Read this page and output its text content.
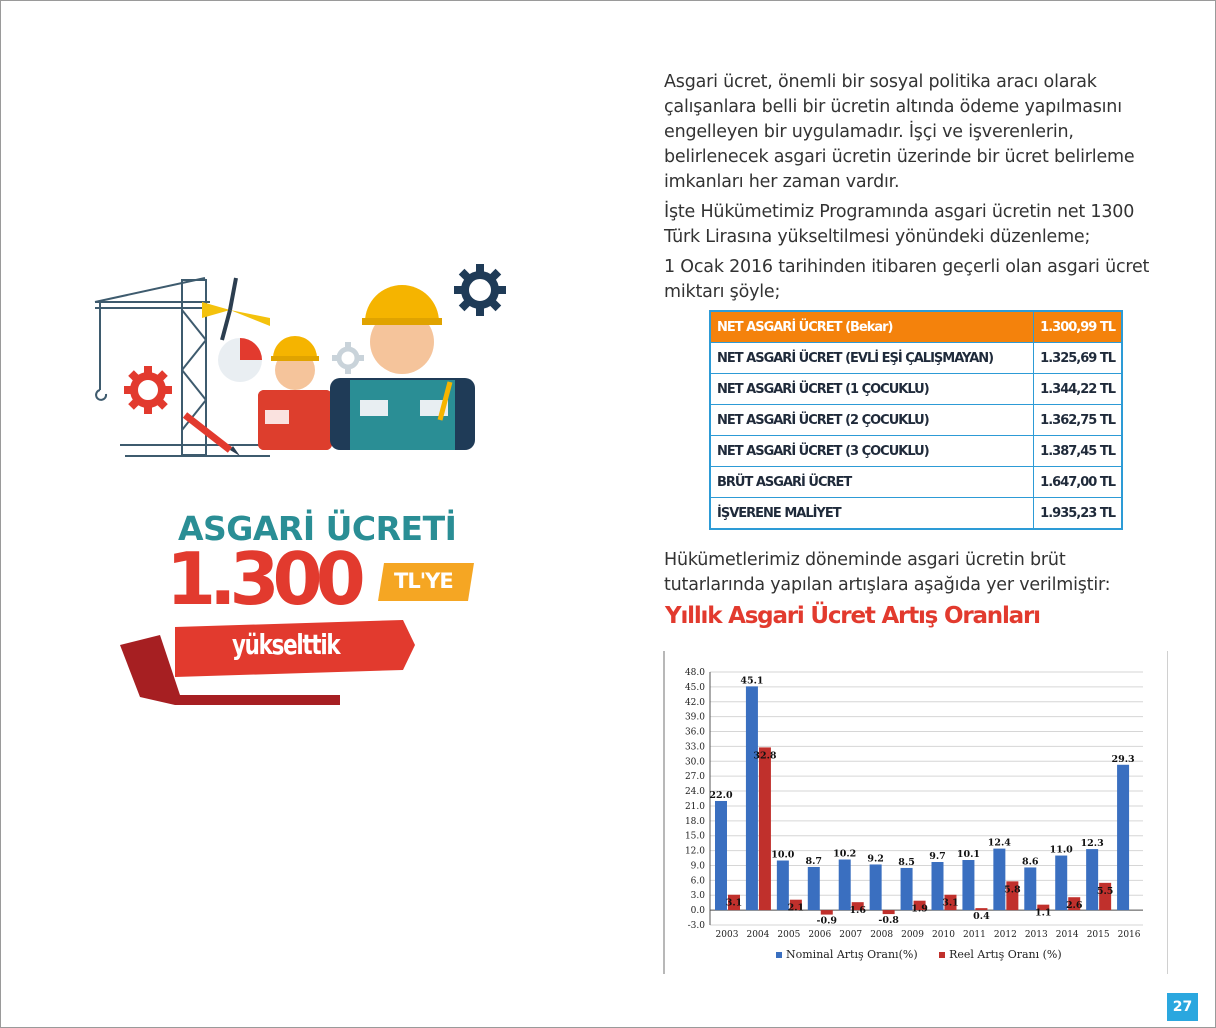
ASGARİ ÜCRETİ
1.300 TL'YE
yükselttik

Asgari ücret, önemli bir sosyal politika aracı olarak çalışanlara belli bir ücretin altında ödeme yapılmasını engelleyen bir uygulamadır. İşçi ve işverenlerin, belirlenecek asgari ücretin üzerinde bir ücret belirleme imkanları her zaman vardır.

İşte Hükümetimiz Programında asgari ücretin net 1300 Türk Lirasına yükseltilmesi yönündeki düzenleme;

1 Ocak 2016 tarihinden itibaren geçerli olan asgari ücret miktarı şöyle;

NET ASGARİ ÜCRET (Bekar)	1.300,99 TL
NET ASGARİ ÜCRET (EVLİ EŞİ ÇALIŞMAYAN)	1.325,69 TL
NET ASGARİ ÜCRET (1 ÇOCUKLU)	1.344,22 TL
NET ASGARİ ÜCRET (2 ÇOCUKLU)	1.362,75 TL
NET ASGARİ ÜCRET (3 ÇOCUKLU)	1.387,45 TL
BRÜT ASGARİ ÜCRET	1.647,00 TL
İŞVERENE MALİYET	1.935,23 TL

Hükümetlerimiz döneminde asgari ücretin brüt tutarlarında yapılan artışlara aşağıda yer verilmiştir:

Yıllık Asgari Ücret Artış Oranları
48.0
45.0
42.0
39.0
36.0
33.0
30.0
27.0
24.0
21.0
18.0
15.0
12.0
9.0
6.0
3.0
0.0
-3.0
22.0
3.1
2003
45.1
32.8
2004
10.0
2.1
2005
8.7
-0.9
2006
10.2
1.6
2007
9.2
-0.8
2008
8.5
1.9
2009
9.7
3.1
2010
10.1
0.4
2011
12.4
5.8
2012
8.6
1.1
2013
11.0
2.6
2014
12.3
5.5
2015
29.3
2016
Nominal Artış Oranı(%)	Reel Artış Oranı (%)
27
